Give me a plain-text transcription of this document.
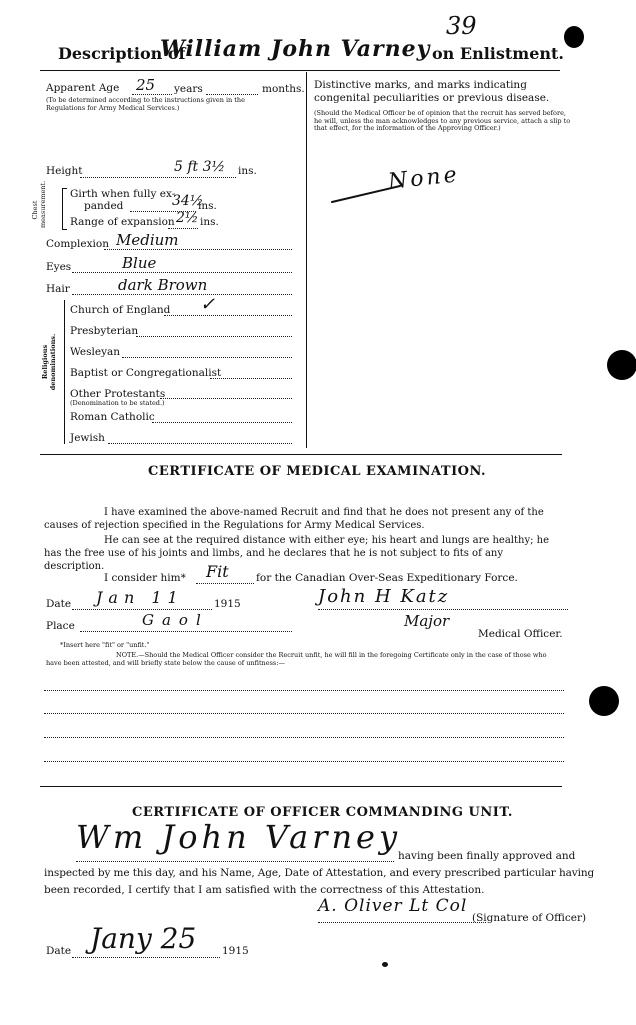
Description of
William John Varney on Enlistment.
39
Apparent Age 25 years	months.
(To be determined according to the instructions given in the Regulations for Army Medical Services.)
Height	5 ft 3½ ins.
Chest measurement. Girth when fully ex-
panded	34½
ins.
Range of expansion 2½ ins.
Complexion Medium
Eyes	Blue
Hair	dark Brown
Religious denominations.
Church of England ✓
Presbyterian
Wesleyan
Baptist or Congregationalist
Other Protestants
(Denomination to be stated.)
Roman Catholic
Jewish
Distinctive marks, and marks indicating congenital peculiarities or previous disease.
(Should the Medical Officer be of opinion that the recruit has served before, he will, unless the man acknowledges to any previous service, attach a slip to that effect, for the information of the Approving Officer.)
None
CERTIFICATE OF MEDICAL EXAMINATION.
I have examined the above-named Recruit and find that he does not present any of the causes of rejection specified in the Regulations for Army Medical Services.
He can see at the required distance with either eye; his heart and lungs are healthy; he has the free use of his joints and limbs, and he declares that he is not subject to fits of any description.
I consider him* Fit	for the Canadian Over-Seas Expeditionary Force.
Date Jan 11	1915
Place	Gaol
John H Katz
Major
Medical Officer.
*Insert here "fit" or "unfit."
NOTE.—Should the Medical Officer consider the Recruit unfit, he will fill in the foregoing Certificate only in the case of those who have been attested, and will briefly state below the cause of unfitness:—
CERTIFICATE OF OFFICER COMMANDING UNIT.
Wm John Varney
having been finally approved and
inspected by me this day, and his Name, Age, Date of Attestation, and every prescribed particular having
been recorded, I certify that I am satisfied with the correctness of this Attestation.
A. Oliver Lt Col
(Signature of Officer)
Date Jany 25 1915
